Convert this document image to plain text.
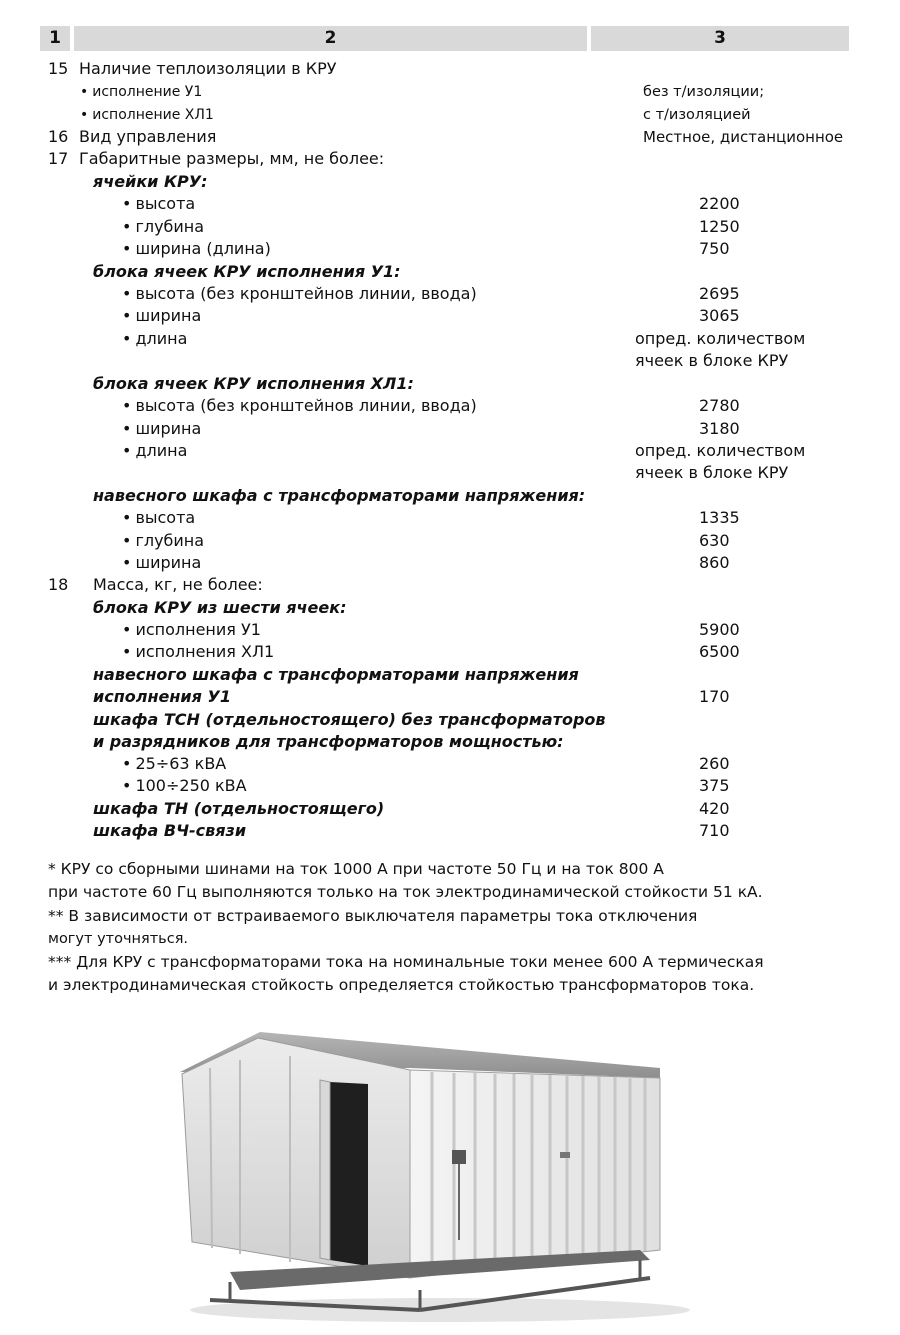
1	2	3
15 Наличие теплоизоляции в КРУ
• исполнение У1	без т/изоляции;
• исполнение ХЛ1	с т/изоляцией
16 Вид управления	Местное, дистанционное
17 Габаритные размеры, мм, не более:
ячейки КРУ:
• высота	2200
• глубина	1250
• ширина (длина)	750
блока ячеек КРУ исполнения У1:
• высота (без кронштейнов линии, ввода)	2695
• ширина	3065
• длина	опред. количеством
ячеек в блоке КРУ
блока ячеек КРУ исполнения ХЛ1:
• высота (без кронштейнов линии, ввода)	2780
• ширина	3180
• длина	опред. количеством
ячеек в блоке КРУ
навесного шкафа с трансформаторами напряжения:
• высота	1335
• глубина	630
• ширина	860
18 Масса, кг, не более:
блока КРУ из шести ячеек:
• исполнения У1	5900
• исполнения ХЛ1	6500
навесного шкафа с трансформаторами напряжения
исполнения У1	170
шкафа ТСН (отдельностоящего) без трансформаторов
и разрядников для трансформаторов мощностью:
• 25÷63 кВА	260
• 100÷250 кВА	375
шкафа ТН (отдельностоящего)	420
шкафа ВЧ-связи	710
* КРУ со сборными шинами на ток 1000 А при частоте 50 Гц и на ток 800 А
при частоте 60 Гц выполняются только на ток электродинамической стойкости 51 кА.
** В зависимости от встраиваемого выключателя параметры тока отключения
могут уточняться.
*** Для КРУ с трансформаторами тока на номинальные токи менее 600 А термическая
и электродинамическая стойкость определяется стойкостью трансформаторов тока.
